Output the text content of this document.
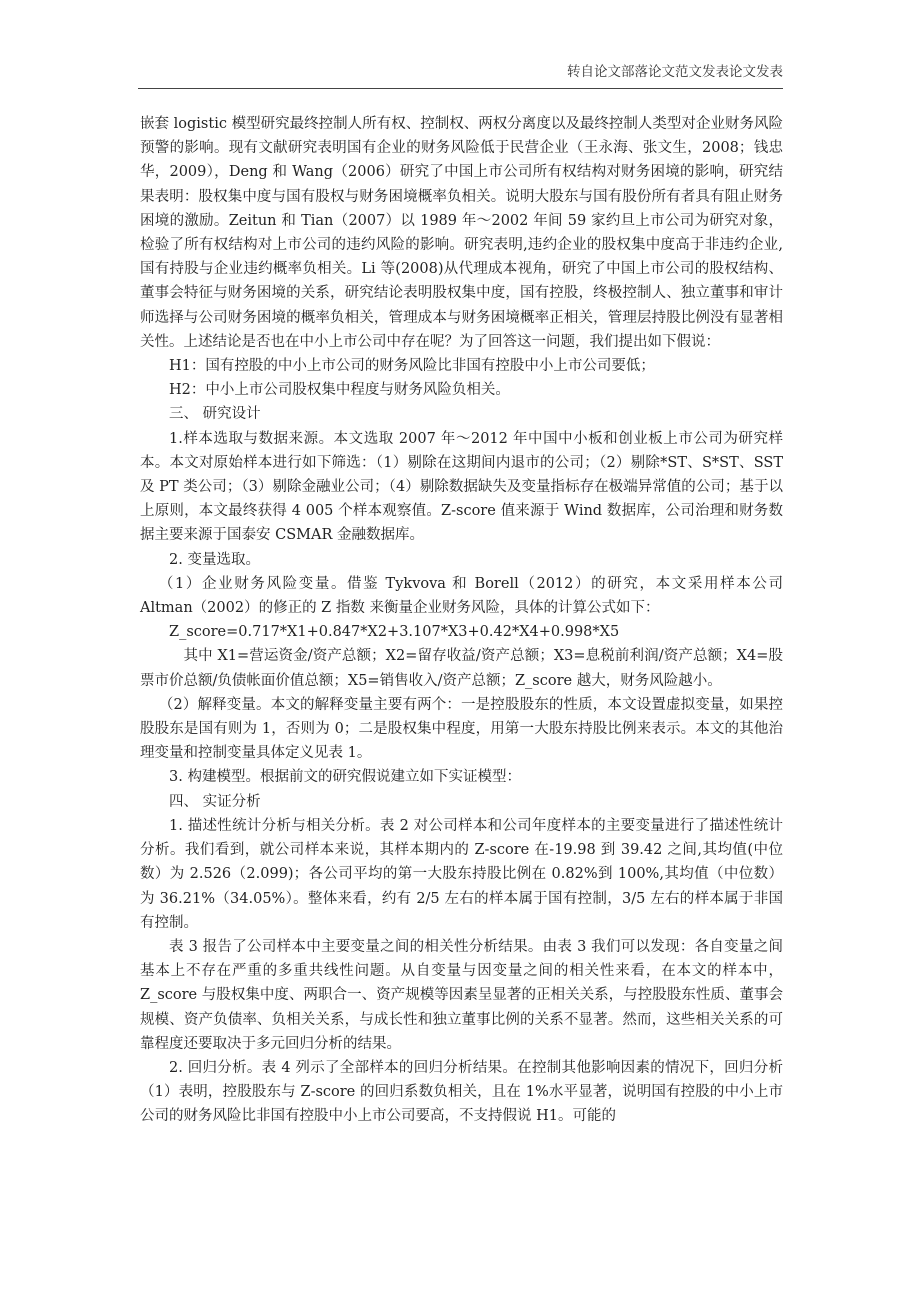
转自论文部落论文范文发表论文发表

嵌套 logistic 模型研究最终控制人所有权、控制权、两权分离度以及最终控制人类型对企业财务风险预警的影响。现有文献研究表明国有企业的财务风险低于民营企业（王永海、张文生，2008；钱忠华，2009），Deng 和 Wang（2006）研究了中国上市公司所有权结构对财务困境的影响，研究结果表明：股权集中度与国有股权与财务困境概率负相关。说明大股东与国有股份所有者具有阻止财务困境的激励。Zeitun 和 Tian（2007）以 1989 年～2002 年间 59 家约旦上市公司为研究对象，检验了所有权结构对上市公司的违约风险的影响。研究表明,违约企业的股权集中度高于非违约企业,国有持股与企业违约概率负相关。Li 等(2008)从代理成本视角，研究了中国上市公司的股权结构、董事会特征与财务困境的关系，研究结论表明股权集中度，国有控股，终极控制人、独立董事和审计师选择与公司财务困境的概率负相关，管理成本与财务困境概率正相关，管理层持股比例没有显著相关性。上述结论是否也在中小上市公司中存在呢？为了回答这一问题，我们提出如下假说：

H1：国有控股的中小上市公司的财务风险比非国有控股中小上市公司要低；

H2：中小上市公司股权集中程度与财务风险负相关。

三、 研究设计

1.样本选取与数据来源。本文选取 2007 年～2012 年中国中小板和创业板上市公司为研究样本。本文对原始样本进行如下筛选：（1）剔除在这期间内退市的公司；（2）剔除*ST、S*ST、SST 及 PT 类公司；（3）剔除金融业公司；（4）剔除数据缺失及变量指标存在极端异常值的公司；基于以上原则，本文最终获得 4 005 个样本观察值。Z-score 值来源于 Wind 数据库，公司治理和财务数据主要来源于国泰安 CSMAR 金融数据库。

2. 变量选取。

（1）企业财务风险变量。借鉴 Tykvova 和 Borell（2012）的研究，本文采用样本公司 Altman（2002）的修正的 Z 指数 来衡量企业财务风险，具体的计算公式如下：

Z_score=0.717*X1+0.847*X2+3.107*X3+0.42*X4+0.998*X5

其中 X1=营运资金/资产总额；X2=留存收益/资产总额；X3=息税前利润/资产总额；X4=股票市价总额/负债帐面价值总额；X5=销售收入/资产总额；Z_score 越大，财务风险越小。

（2）解释变量。本文的解释变量主要有两个：一是控股股东的性质，本文设置虚拟变量，如果控股股东是国有则为 1，否则为 0；二是股权集中程度，用第一大股东持股比例来表示。本文的其他治理变量和控制变量具体定义见表 1。

3. 构建模型。根据前文的研究假说建立如下实证模型：

四、 实证分析

1. 描述性统计分析与相关分析。表 2 对公司样本和公司年度样本的主要变量进行了描述性统计分析。我们看到，就公司样本来说，其样本期内的 Z-score 在-19.98 到 39.42 之间,其均值(中位数）为 2.526（2.099)；各公司平均的第一大股东持股比例在 0.82%到 100%,其均值（中位数）为 36.21%（34.05%）。整体来看，约有 2/5 左右的样本属于国有控制，3/5 左右的样本属于非国有控制。

表 3 报告了公司样本中主要变量之间的相关性分析结果。由表 3 我们可以发现：各自变量之间基本上不存在严重的多重共线性问题。从自变量与因变量之间的相关性来看，在本文的样本中，Z_score 与股权集中度、两职合一、资产规模等因素呈显著的正相关关系，与控股股东性质、董事会规模、资产负债率、负相关关系，与成长性和独立董事比例的关系不显著。然而，这些相关关系的可靠程度还要取决于多元回归分析的结果。

2. 回归分析。表 4 列示了全部样本的回归分析结果。在控制其他影响因素的情况下，回归分析（1）表明，控股股东与 Z-score 的回归系数负相关，且在 1%水平显著，说明国有控股的中小上市公司的财务风险比非国有控股中小上市公司要高，不支持假说 H1。可能的
